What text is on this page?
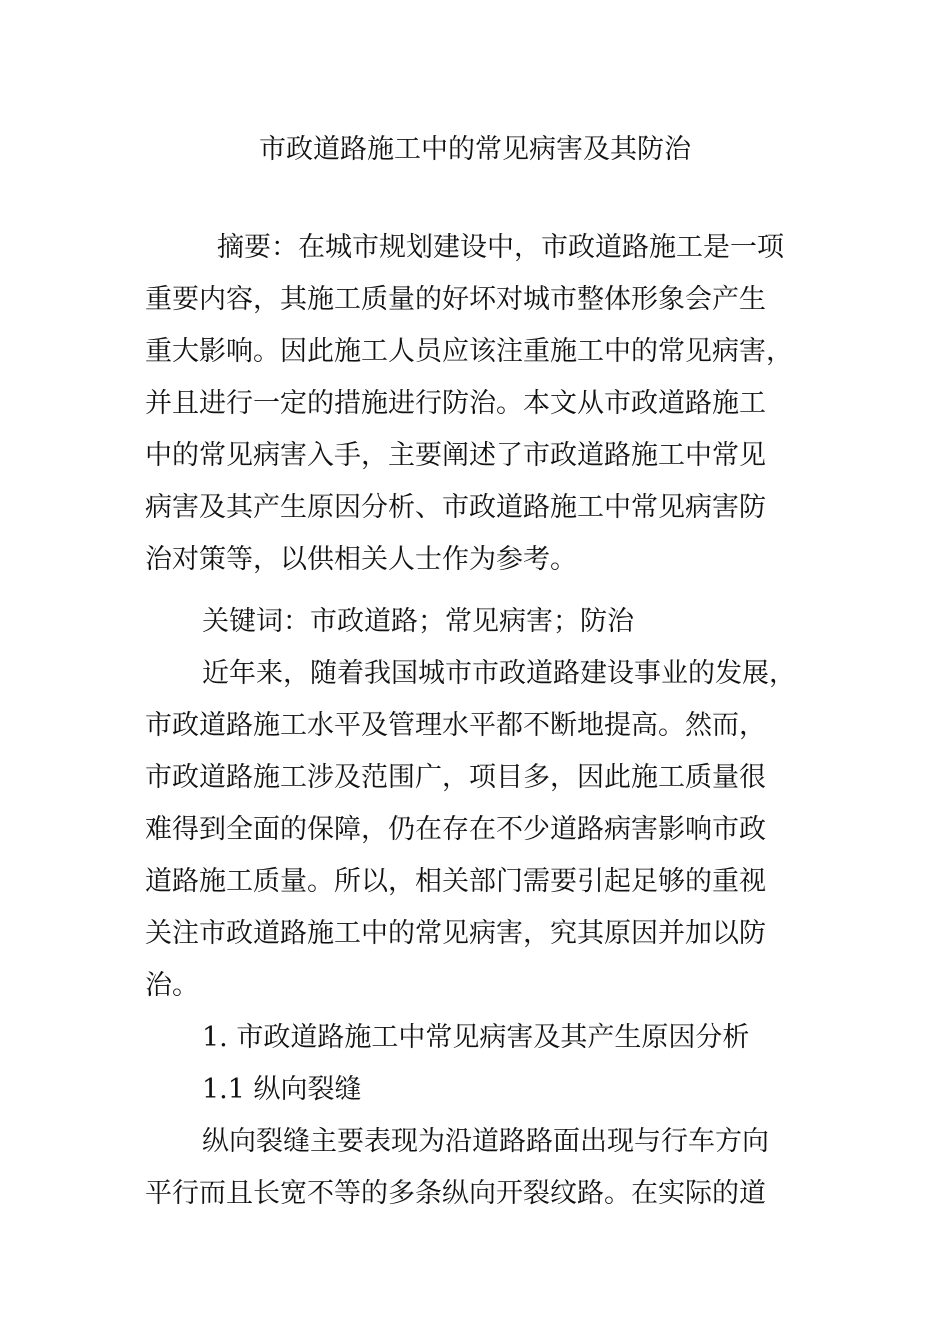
市政道路施工中的常见病害及其防治
摘要：在城市规划建设中，市政道路施工是一项
重要内容，其施工质量的好坏对城市整体形象会产生
重大影响。因此施工人员应该注重施工中的常见病害，
并且进行一定的措施进行防治。本文从市政道路施工
中的常见病害入手，主要阐述了市政道路施工中常见
病害及其产生原因分析、市政道路施工中常见病害防
治对策等，以供相关人士作为参考。
关键词：市政道路；常见病害；防治
近年来，随着我国城市市政道路建设事业的发展，
市政道路施工水平及管理水平都不断地提高。然而，
市政道路施工涉及范围广，项目多，因此施工质量很
难得到全面的保障，仍在存在不少道路病害影响市政
道路施工质量。所以，相关部门需要引起足够的重视
关注市政道路施工中的常见病害，究其原因并加以防
治。
1. 市政道路施工中常见病害及其产生原因分析
1.1 纵向裂缝
纵向裂缝主要表现为沿道路路面出现与行车方向
平行而且长宽不等的多条纵向开裂纹路。在实际的道
